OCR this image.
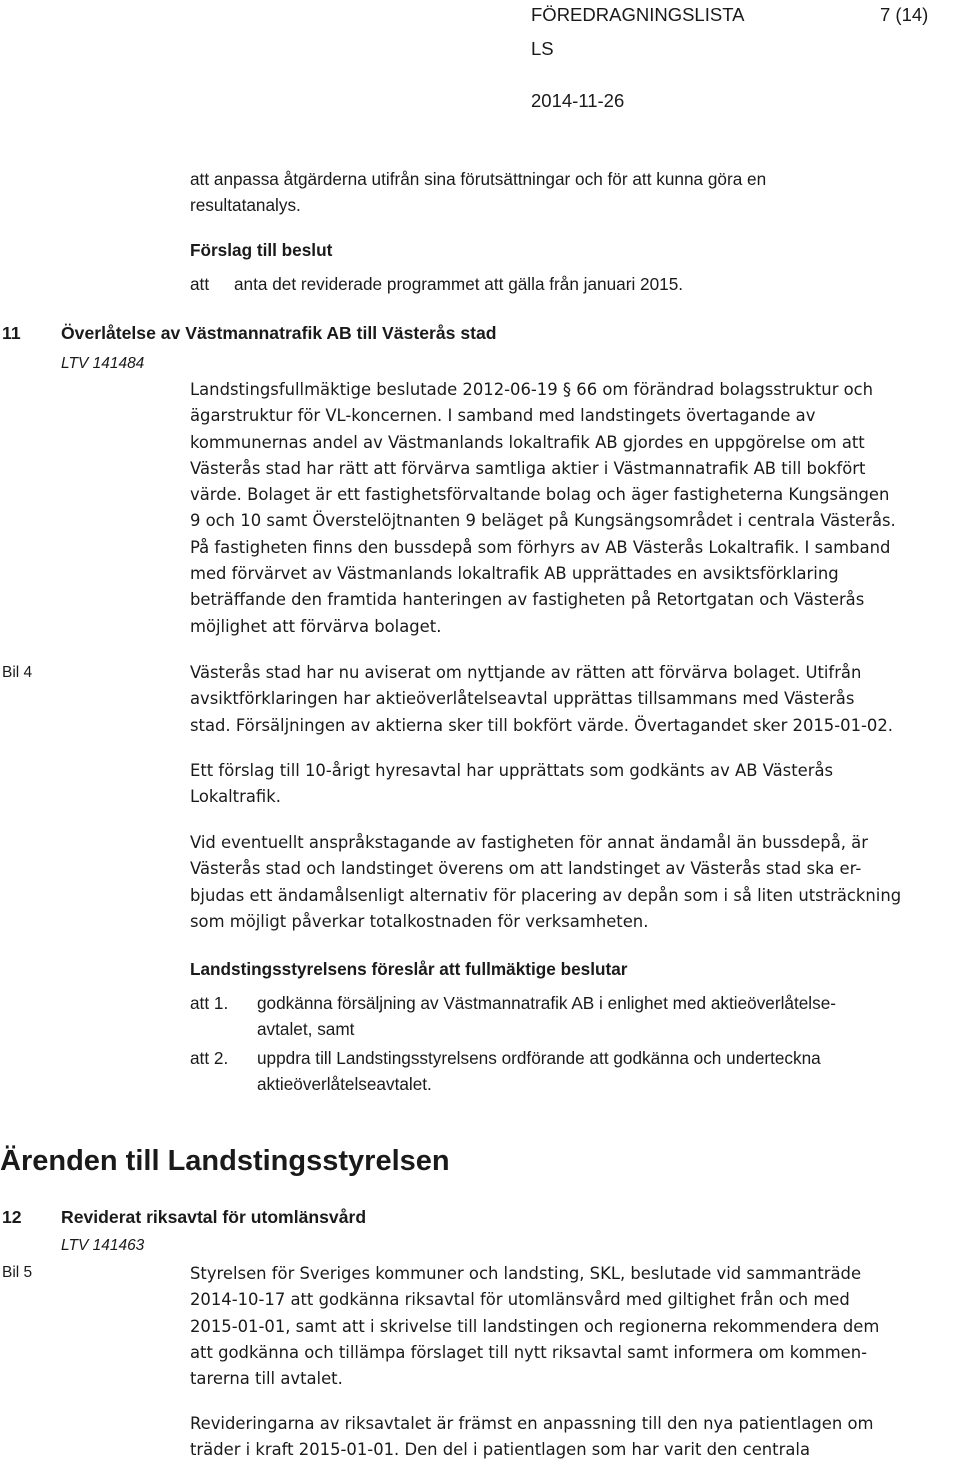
FÖREDRAGNINGSLISTA	7 (14)
LS
2014-11-26
att anpassa åtgärderna utifrån sina förutsättningar och för att kunna göra en
resultatanalys.
Förslag till beslut
att anta det reviderade programmet att gälla från januari 2015.
11 Överlåtelse av Västmannatrafik AB till Västerås stad
LTV 141484
Landstingsfullmäktige beslutade 2012-06-19 § 66 om förändrad bolagsstruktur och
ägarstruktur för VL-koncernen. I samband med landstingets övertagande av
kommunernas andel av Västmanlands lokaltrafik AB gjordes en uppgörelse om att
Västerås stad har rätt att förvärva samtliga aktier i Västmannatrafik AB till bokfört
värde. Bolaget är ett fastighetsförvaltande bolag och äger fastigheterna Kungsängen
9 och 10 samt Överstelöjtnanten 9 beläget på Kungsängsområdet i centrala Västerås.
På fastigheten finns den bussdepå som förhyrs av AB Västerås Lokaltrafik. I samband
med förvärvet av Västmanlands lokaltrafik AB upprättades en avsiktsförklaring
beträffande den framtida hanteringen av fastigheten på Retortgatan och Västerås
möjlighet att förvärva bolaget.
Bil 4	Västerås stad har nu aviserat om nyttjande av rätten att förvärva bolaget. Utifrån
avsiktförklaringen har aktieöverlåtelseavtal upprättas tillsammans med Västerås
stad. Försäljningen av aktierna sker till bokfört värde. Övertagandet sker 2015-01-02.
Ett förslag till 10-årigt hyresavtal har upprättats som godkänts av AB Västerås
Lokaltrafik.
Vid eventuellt anspråkstagande av fastigheten för annat ändamål än bussdepå, är
Västerås stad och landstinget överens om att landstinget av Västerås stad ska er-
bjudas ett ändamålsenligt alternativ för placering av depån som i så liten utsträckning
som möjligt påverkar totalkostnaden för verksamheten.
Landstingsstyrelsens föreslår att fullmäktige beslutar
att 1. godkänna försäljning av Västmannatrafik AB i enlighet med aktieöverlåtelse-
avtalet, samt
att 2. uppdra till Landstingsstyrelsens ordförande att godkänna och underteckna
aktieöverlåtelseavtalet.
Ärenden till Landstingsstyrelsen
12 Reviderat riksavtal för utomlänsvård
LTV 141463
Bil 5	Styrelsen för Sveriges kommuner och landsting, SKL, beslutade vid sammanträde
2014-10-17 att godkänna riksavtal för utomlänsvård med giltighet från och med
2015-01-01, samt att i skrivelse till landstingen och regionerna rekommendera dem
att godkänna och tillämpa förslaget till nytt riksavtal samt informera om kommen-
tarerna till avtalet.
Revideringarna av riksavtalet är främst en anpassning till den nya patientlagen om
träder i kraft 2015-01-01. Den del i patientlagen som har varit den centrala
